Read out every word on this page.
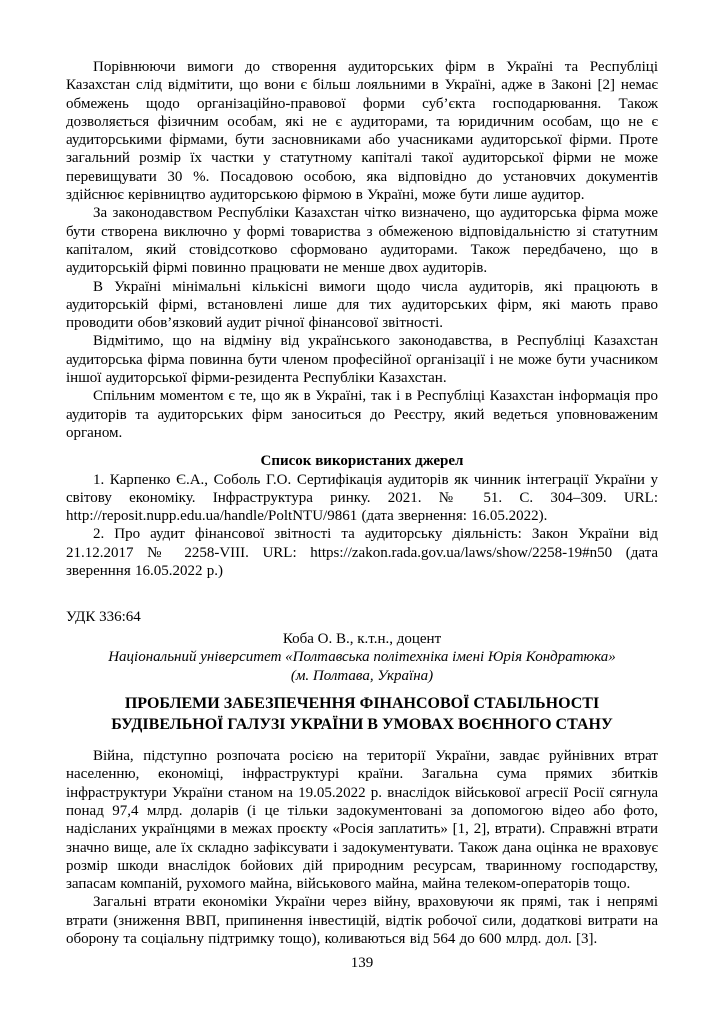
Порівнюючи вимоги до створення аудиторських фірм в Україні та Республіці Казахстан слід відмітити, що вони є більш лояльними в Україні, адже в Законі [2] немає обмежень щодо організаційно-правової форми суб’єкта господарювання. Також дозволяється фізичним особам, які не є аудиторами, та юридичним особам, що не є аудиторськими фірмами, бути засновниками або учасниками аудиторської фірми. Проте загальний розмір їх частки у статутному капіталі такої аудиторської фірми не може перевищувати 30 %. Посадовою особою, яка відповідно до установчих документів здійснює керівництво аудиторською фірмою в Україні, може бути лише аудитор.

За законодавством Республіки Казахстан чітко визначено, що аудиторська фірма може бути створена виключно у формі товариства з обмеженою відповідальністю зі статутним капіталом, який стовідсотково сформовано аудиторами. Також передбачено, що в аудиторській фірмі повинно працювати не менше двох аудиторів.

В Україні мінімальні кількісні вимоги щодо числа аудиторів, які працюють в аудиторській фірмі, встановлені лише для тих аудиторських фірм, які мають право проводити обов’язковий аудит річної фінансової звітності.

Відмітимо, що на відміну від українського законодавства, в Республіці Казахстан аудиторська фірма повинна бути членом професійної організації і не може бути учасником іншої аудиторської фірми-резидента Республіки Казахстан.

Спільним моментом є те, що як в Україні, так і в Республіці Казахстан інформація про аудиторів та аудиторських фірм заноситься до Реєстру, який ведеться уповноваженим органом.

Список використаних джерел

1. Карпенко Є.А., Соболь Г.О. Сертифікація аудиторів як чинник інтеграції України у світову економіку. Інфраструктура ринку. 2021. № 51. С. 304–309. URL: http://reposit.nupp.edu.ua/handle/PoltNTU/9861 (дата звернення: 16.05.2022).

2. Про аудит фінансової звітності та аудиторську діяльність: Закон України від 21.12.2017 № 2258-VIII. URL: https://zakon.rada.gov.ua/laws/show/2258-19#n50 (дата зверенння 16.05.2022 р.)

УДК 336:64

Коба О. В., к.т.н., доцент

Національний університет «Полтавська політехніка імені Юрія Кондратюка»

(м. Полтава, Україна)

ПРОБЛЕМИ ЗАБЕЗПЕЧЕННЯ ФІНАНСОВОЇ СТАБІЛЬНОСТІ БУДІВЕЛЬНОЇ ГАЛУЗІ УКРАЇНИ В УМОВАХ ВОЄННОГО СТАНУ

Війна, підступно розпочата росією на території України, завдає руйнівних втрат населенню, економіці, інфраструктурі країни. Загальна сума прямих збитків інфраструктури України станом на 19.05.2022 р. внаслідок військової агресії Росії сягнула понад 97,4 млрд. доларів (і це тільки задокументовані за допомогою відео або фото, надісланих українцями в межах проєкту «Росія заплатить» [1, 2], втрати). Справжні втрати значно вище, але їх складно зафіксувати і задокументувати. Також дана оцінка не враховує розмір шкоди внаслідок бойових дій природним ресурсам, тваринному господарству, запасам компаній, рухомого майна, військового майна, майна телеком-операторів тощо.

Загальні втрати економіки України через війну, враховуючи як прямі, так і непрямі втрати (зниження ВВП, припинення інвестицій, відтік робочої сили, додаткові витрати на оборону та соціальну підтримку тощо), коливаються від 564 до 600 млрд. дол. [3].

139
